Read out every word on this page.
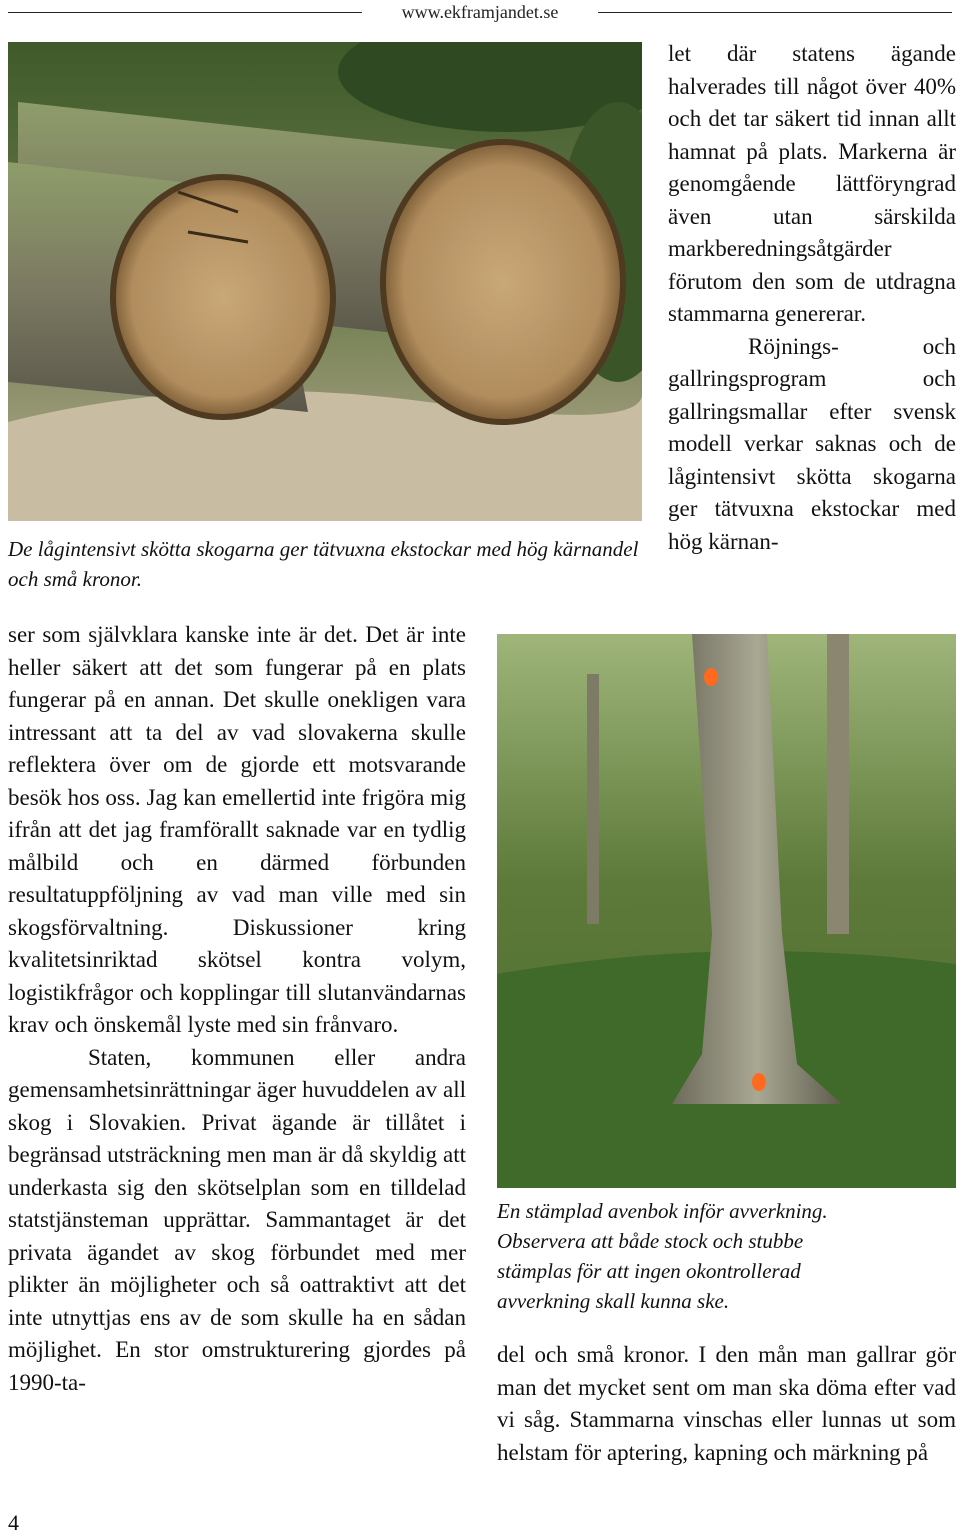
www.ekframjandet.se
De lågintensivt skötta skogarna ger tätvuxna ekstockar med hög kärnandel och små kronor.

let där statens ägande halverades till något över 40% och det tar säkert tid innan allt hamnat på plats. Markerna är genomgående lättföryngrad även utan särskilda markberedningsåtgärder förutom den som de utdragna stammarna genererar.

Röjnings- och gallringsprogram och gallringsmallar efter svensk modell verkar saknas och de lågintensivt skötta skogarna ger tätvuxna ekstockar med hög kärnan-

ser som självklara kanske inte är det. Det är inte heller säkert att det som fungerar på en plats fungerar på en annan. Det skulle onekligen vara intressant att ta del av vad slovakerna skulle reflektera över om de gjorde ett motsvarande besök hos oss. Jag kan emellertid inte frigöra mig ifrån att det jag framförallt saknade var en tydlig målbild och en därmed förbunden resultatuppföljning av vad man ville med sin skogsförvaltning. Diskussioner kring kvalitetsinriktad skötsel kontra volym, logistikfrågor och kopplingar till slutanvändarnas krav och önskemål lyste med sin frånvaro.

Staten, kommunen eller andra gemensamhetsinrättningar äger huvuddelen av all skog i Slovakien. Privat ägande är tillåtet i begränsad utsträckning men man är då skyldig att underkasta sig den skötselplan som en tilldelad statstjänsteman upprättar. Sammantaget är det privata ägandet av skog förbundet med mer plikter än möjligheter och så oattraktivt att det inte utnyttjas ens av de som skulle ha en sådan möjlighet. En stor omstrukturering gjordes på 1990-ta-

En stämplad avenbok inför avverkning.
Observera att både stock och stubbe
stämplas för att ingen okontrollerad
avverkning skall kunna ske.

del och små kronor. I den mån man gallrar gör man det mycket sent om man ska döma efter vad vi såg. Stammarna vinschas eller lunnas ut som helstam för aptering, kapning och märkning på

4
